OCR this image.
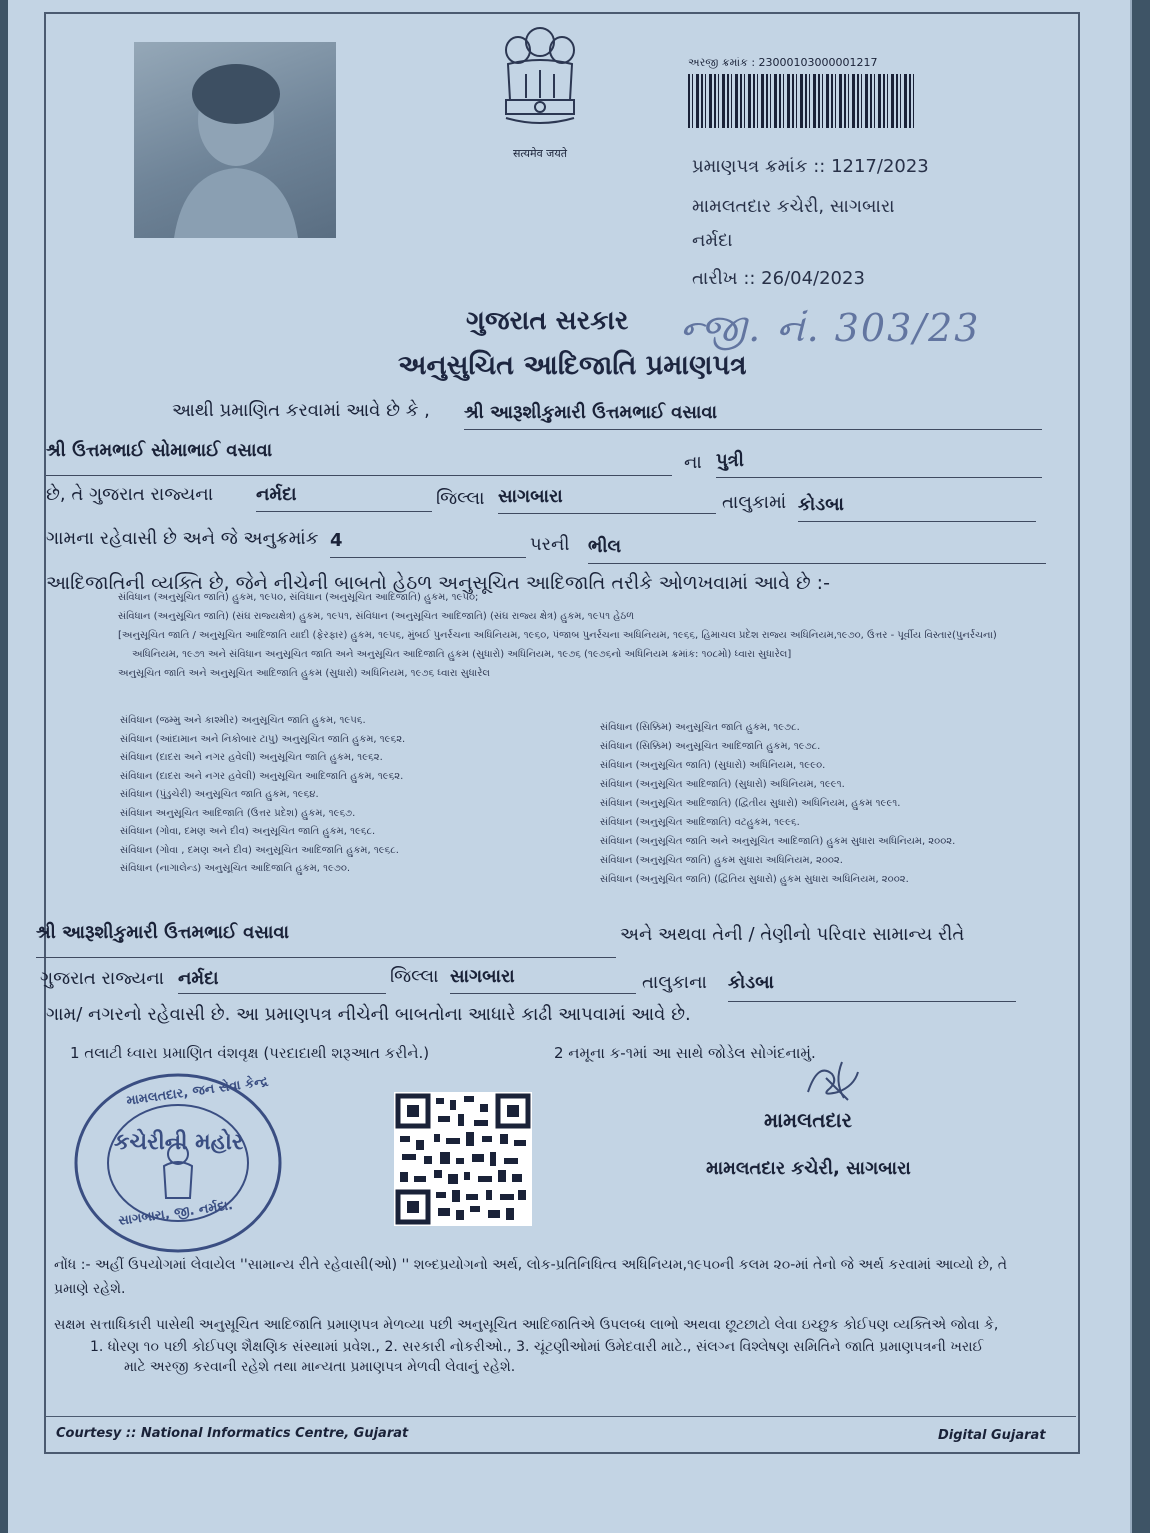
सत्यमेव जयते
અરજી ક્રમાંક : 23000103000001217
પ્રમાણપત્ર ક્રમાંક :: 1217/2023
મામલતદાર કચેરી, સાગબારા
નર્મદા
તારીખ :: 26/04/2023
ગુજરાત સરકાર ન્જી. નં. 303/23
અનુસુચિત આદિજાતિ પ્રમાણપત્ર
આથી પ્રમાણિત કરવામાં આવે છે કે , શ્રી આરૂશીકુમારી ઉત્તમભાઈ વસાવા
શ્રી ઉત્તમભાઈ સોમાભાઈ વસાવા
ના પુત્રી
છે, તે ગુજરાત રાજ્યના નર્મદા	જિલ્લા સાગબારા	તાલુકામાં કોડબા
ગામના રહેવાસી છે અને જે અનુક્રમાંક 4	પરની ભીલ
આદિજાતિની વ્યક્તિ છે, જેને નીચેની બાબતો હેઠળ અનુસૂચિત આદિજાતિ તરીકે ઓળખવામાં આવે છે :-
સંવિધાન (અનુસૂચિત જાતિ) હુકમ, ૧૯૫૦, સંવિધાન (અનુસૂચિત આદિજાતિ) હુકમ, ૧૯૫૦;
સંવિધાન (અનુસૂચિત જાતિ) (સંઘ રાજ્યક્ષેત્ર) હુકમ, ૧૯૫૧, સંવિધાન (અનુસૂચિત આદિજાતિ) (સંઘ રાજ્ય ક્ષેત્ર) હુકમ, ૧૯૫૧ હેઠળ
[અનુસૂચિત જાતિ / અનુસૂચિત આદિજાતિ યાદી (ફેરફાર) હુકમ, ૧૯૫૬, મુંબઈ પુનર્રચના અધિનિયમ, ૧૯૬૦, પંજાબ પુનર્રચના અધિનિયમ, ૧૯૬૬, હિમાચલ પ્રદેશ રાજ્ય અધિનિયમ,૧૯૭૦, ઉત્તર - પૂર્વીય વિસ્તાર(પુનર્રચના)
અધિનિયમ, ૧૯૭૧ અને સંવિધાન અનુસૂચિત જાતિ અને અનુસૂચિત આદિજાતિ હુકમ (સુધારો) અધિનિયમ, ૧૯૭૬ (૧૯૭૬નો અધિનિયમ ક્રમાંક: ૧૦૮મો) ધ્વારા સુધારેલ]
અનુસૂચિત જાતિ અને અનુસૂચિત આદિજાતિ હુકમ (સુધારો) અધિનિયમ, ૧૯૭૬ ધ્વારા સુધારેલ
સંવિધાન (જમ્મુ અને કાશ્મીર) અનુસૂચિત જાતિ હુકમ, ૧૯૫૬.
સંવિધાન (આંદામાન અને નિકોબાર ટાપુ) અનુસૂચિત જાતિ હુકમ, ૧૯૬૨.
સંવિધાન (દાદરા અને નગર હવેલી) અનુસૂચિત જાતિ હુકમ, ૧૯૬૨.
સંવિધાન (દાદરા અને નગર હવેલી) અનુસૂચિત આદિજાતિ હુકમ, ૧૯૬૨.
સંવિધાન (પુંડુચેરી) અનુસૂચિત જાતિ હુકમ, ૧૯૬૪.
સંવિધાન અનુસૂચિત આદિજાતિ (ઉત્તર પ્રદેશ) હુકમ, ૧૯૬૭.
સંવિધાન (ગોવા, દમણ અને દીવ) અનુસૂચિત જાતિ હુકમ, ૧૯૬૮.
સંવિધાન (ગોવા , દમણ અને દીવ) અનુસૂચિત આદિજાતિ હુકમ, ૧૯૬૮.
સંવિધાન (નાગાલેન્ડ) અનુસૂચિત આદિજાતિ હુકમ, ૧૯૭૦.
સંવિધાન (સિક્કિમ) અનુસૂચિત જાતિ હુકમ, ૧૯૭૮.
સંવિધાન (સિક્કિમ) અનુસૂચિત આદિજાતિ હુકમ, ૧૯૭૮.
સંવિધાન (અનુસૂચિત જાતિ) (સુધારો) અધિનિયમ, ૧૯૯૦.
સંવિધાન (અનુસૂચિત આદિજાતિ) (સુધારો) અધિનિયમ, ૧૯૯૧.
સંવિધાન (અનુસૂચિત આદિજાતિ) (દ્વિતીય સુધારો) અધિનિયમ, હુકમ ૧૯૯૧.
સંવિધાન (અનુસૂચિત આદિજાતિ) વટહુકમ, ૧૯૯૬.
સંવિધાન (અનુસૂચિત જાતિ અને અનુસૂચિત આદિજાતિ) હુકમ સુધારા અધિનિયમ, ૨૦૦૨.
સંવિધાન (અનુસૂચિત જાતિ) હુકમ સુધારા અધિનિયમ, ૨૦૦૨.
સંવિધાન (અનુસૂચિત જાતિ) (દ્વિતિય સુધારો) હુકમ સુધારા અધિનિયમ, ૨૦૦૨.
શ્રી આરૂશીકુમારી ઉત્તમભાઈ વસાવા	અને અથવા તેની / તેણીનો પરિવાર સામાન્ય રીતે
ગુજરાત રાજ્યના નર્મદા	જિલ્લા સાગબારા	તાલુકાના કોડબા
ગામ/ નગરનો રહેવાસી છે. આ પ્રમાણપત્ર નીચેની બાબતોના આધારે કાઢી આપવામાં આવે છે.
1 તલાટી ધ્વારા પ્રમાણિત વંશવૃક્ષ (પરદાદાથી શરૂઆત કરીને.)	2 નમૂના ક-૧માં આ સાથે જોડેલ સોગંદનામું.
મામલતદાર, જન સેવા કેન્દ્ર
કચેરીની મહોર
સાગબારા, જી. નર્મદા.
મામલતદાર
મામલતદાર કચેરી, સાગબારા
નોંધ :- અહીં ઉપયોગમાં લેવાયેલ ''સામાન્ય રીતે રહેવાસી(ઓ) '' શબ્દપ્રયોગનો અર્થ, લોક-પ્રતિનિધિત્વ અધિનિયમ,૧૯૫૦ની કલમ ૨૦-માં તેનો જે અર્થ કરવામાં આવ્યો છે, તે
પ્રમાણે રહેશે.
સક્ષમ સત્તાધિકારી પાસેથી અનુસૂચિત આદિજાતિ પ્રમાણપત્ર મેળવ્યા પછી અનુસૂચિત આદિજાતિએ ઉપલબ્ધ લાભો અથવા છૂટછાટો લેવા ઇચ્છુક કોઈપણ વ્યક્તિએ જોવા કે,
1. ધોરણ ૧૦ પછી કોઈપણ શૈક્ષણિક સંસ્થામાં પ્રવેશ., 2. સરકારી નોકરીઓ., 3. ચૂંટણીઓમાં ઉમેદવારી માટે., સંલગ્ન વિશ્લેષણ સમિતિને જાતિ પ્રમાણપત્રની ખરાઈ
માટે અરજી કરવાની રહેશે તથા માન્યતા પ્રમાણપત્ર મેળવી લેવાનું રહેશે.
Courtesy :: National Informatics Centre, Gujarat	Digital Gujarat
